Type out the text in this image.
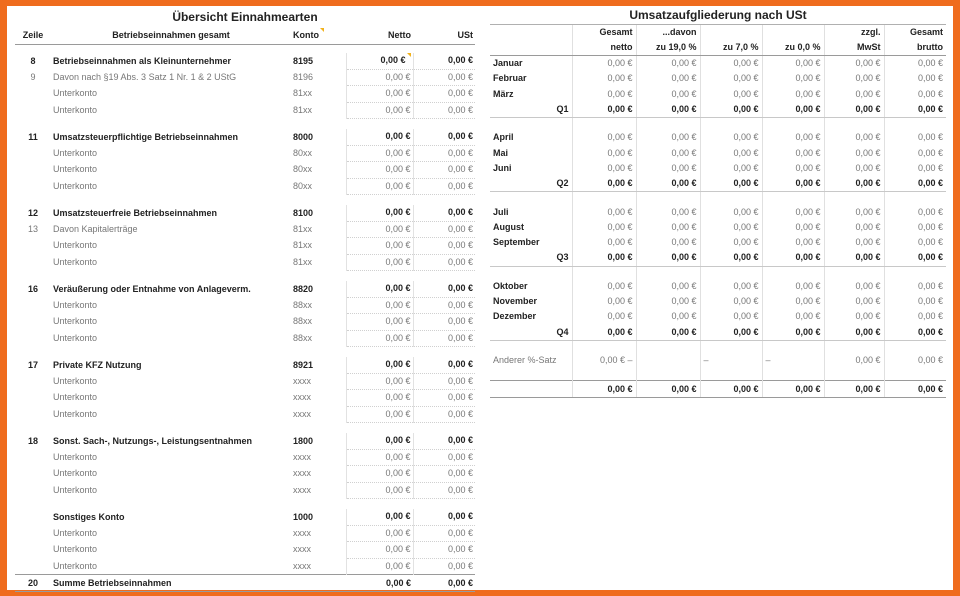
Übersicht Einnahmearten
Zeile	Betriebseinnahmen gesamt	Konto	Netto	USt

8	Betriebseinnahmen als Kleinunternehmer	8195	0,00 €	0,00 €
9	Davon nach §19 Abs. 3 Satz 1 Nr. 1 & 2 UStG	8196	0,00 €	0,00 €
	Unterkonto	81xx	0,00 €	0,00 €
	Unterkonto	81xx	0,00 €	0,00 €

11	Umsatzsteuerpflichtige Betriebseinnahmen	8000	0,00 €	0,00 €
	Unterkonto	80xx	0,00 €	0,00 €
	Unterkonto	80xx	0,00 €	0,00 €
	Unterkonto	80xx	0,00 €	0,00 €

12	Umsatzsteuerfreie Betriebseinnahmen	8100	0,00 €	0,00 €
13	Davon Kapitalerträge	81xx	0,00 €	0,00 €
	Unterkonto	81xx	0,00 €	0,00 €
	Unterkonto	81xx	0,00 €	0,00 €

16	Veräußerung oder Entnahme von Anlageverm.	8820	0,00 €	0,00 €
	Unterkonto	88xx	0,00 €	0,00 €
	Unterkonto	88xx	0,00 €	0,00 €
	Unterkonto	88xx	0,00 €	0,00 €

17	Private KFZ Nutzung	8921	0,00 €	0,00 €
	Unterkonto	xxxx	0,00 €	0,00 €
	Unterkonto	xxxx	0,00 €	0,00 €
	Unterkonto	xxxx	0,00 €	0,00 €

18	Sonst. Sach-, Nutzungs-, Leistungsentnahmen	1800	0,00 €	0,00 €
	Unterkonto	xxxx	0,00 €	0,00 €
	Unterkonto	xxxx	0,00 €	0,00 €
	Unterkonto	xxxx	0,00 €	0,00 €

	Sonstiges Konto	1000	0,00 €	0,00 €
	Unterkonto	xxxx	0,00 €	0,00 €
	Unterkonto	xxxx	0,00 €	0,00 €
	Unterkonto	xxxx	0,00 €	0,00 €
20	Summe Betriebseinnahmen		0,00 €	0,00 €
Umsatzaufgliederung nach USt
	Gesamt	...davon			zzgl.	Gesamt
	netto	zu 19,0 %	zu 7,0 %	zu 0,0 %	MwSt	brutto
Januar	0,00 €	0,00 €	0,00 €	0,00 €	0,00 €	0,00 €
Februar	0,00 €	0,00 €	0,00 €	0,00 €	0,00 €	0,00 €
März	0,00 €	0,00 €	0,00 €	0,00 €	0,00 €	0,00 €
Q1	0,00 €	0,00 €	0,00 €	0,00 €	0,00 €	0,00 €

April	0,00 €	0,00 €	0,00 €	0,00 €	0,00 €	0,00 €
Mai	0,00 €	0,00 €	0,00 €	0,00 €	0,00 €	0,00 €
Juni	0,00 €	0,00 €	0,00 €	0,00 €	0,00 €	0,00 €
Q2	0,00 €	0,00 €	0,00 €	0,00 €	0,00 €	0,00 €

Juli	0,00 €	0,00 €	0,00 €	0,00 €	0,00 €	0,00 €
August	0,00 €	0,00 €	0,00 €	0,00 €	0,00 €	0,00 €
September	0,00 €	0,00 €	0,00 €	0,00 €	0,00 €	0,00 €
Q3	0,00 €	0,00 €	0,00 €	0,00 €	0,00 €	0,00 €

Oktober	0,00 €	0,00 €	0,00 €	0,00 €	0,00 €	0,00 €
November	0,00 €	0,00 €	0,00 €	0,00 €	0,00 €	0,00 €
Dezember	0,00 €	0,00 €	0,00 €	0,00 €	0,00 €	0,00 €
Q4	0,00 €	0,00 €	0,00 €	0,00 €	0,00 €	0,00 €

Anderer %-Satz	0,00 € –		–	–	0,00 €	0,00 €

	0,00 €	0,00 €	0,00 €	0,00 €	0,00 €	0,00 €
